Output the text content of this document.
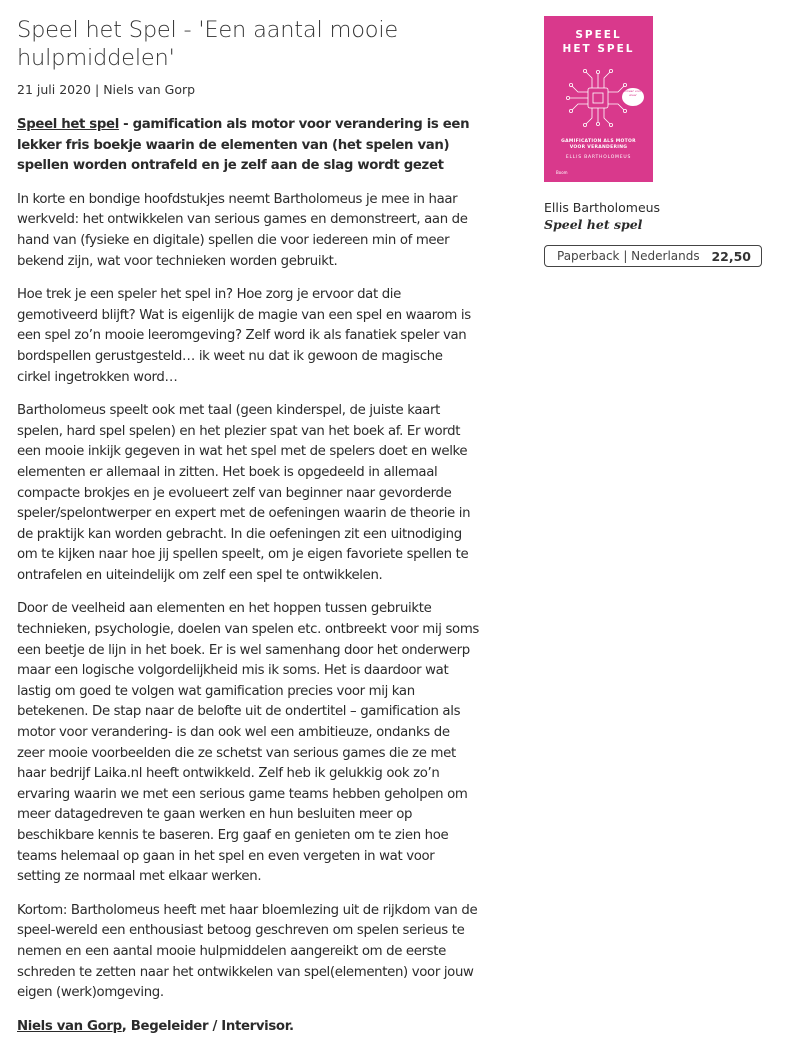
Speel het Spel - 'Een aantal mooie hulpmiddelen'
21 juli 2020 | Niels van Gorp

Speel het spel - gamification als motor voor verandering is een lekker fris boekje waarin de elementen van (het spelen van) spellen worden ontrafeld en je zelf aan de slag wordt gezet

In korte en bondige hoofdstukjes neemt Bartholomeus je mee in haar werkveld: het ontwikkelen van serious games en demonstreert, aan de hand van (fysieke en digitale) spellen die voor iedereen min of meer bekend zijn, wat voor technieken worden gebruikt.

Hoe trek je een speler het spel in? Hoe zorg je ervoor dat die gemotiveerd blijft? Wat is eigenlijk de magie van een spel en waarom is een spel zo’n mooie leeromgeving? Zelf word ik als fanatiek speler van bordspellen gerustgesteld… ik weet nu dat ik gewoon de magische cirkel ingetrokken word…

Bartholomeus speelt ook met taal (geen kinderspel, de juiste kaart spelen, hard spel spelen) en het plezier spat van het boek af. Er wordt een mooie inkijk gegeven in wat het spel met de spelers doet en welke elementen er allemaal in zitten. Het boek is opgedeeld in allemaal compacte brokjes en je evolueert zelf van beginner naar gevorderde speler/spelontwerper en expert met de oefeningen waarin de theorie in de praktijk kan worden gebracht. In die oefeningen zit een uitnodiging om te kijken naar hoe jij spellen speelt, om je eigen favoriete spellen te ontrafelen en uiteindelijk om zelf een spel te ontwikkelen.

Door de veelheid aan elementen en het hoppen tussen gebruikte technieken, psychologie, doelen van spelen etc. ontbreekt voor mij soms een beetje de lijn in het boek. Er is wel samenhang door het onderwerp maar een logische volgordelijkheid mis ik soms. Het is daardoor wat lastig om goed te volgen wat gamification precies voor mij kan betekenen. De stap naar de belofte uit de ondertitel – gamification als motor voor verandering- is dan ook wel een ambitieuze, ondanks de zeer mooie voorbeelden die ze schetst van serious games die ze met haar bedrijf Laika.nl heeft ontwikkeld. Zelf heb ik gelukkig ook zo’n ervaring waarin we met een serious game teams hebben geholpen om meer datagedreven te gaan werken en hun besluiten meer op beschikbare kennis te baseren. Erg gaaf en genieten om te zien hoe teams helemaal op gaan in het spel en even vergeten in wat voor setting ze normaal met elkaar werken.

Kortom: Bartholomeus heeft met haar bloemlezing uit de rijkdom van de speel-wereld een enthousiast betoog geschreven om spelen serieus te nemen en een aantal mooie hulpmiddelen aangereikt om de eerste schreden te zetten naar het ontwikkelen van spel(elementen) voor jouw eigen (werk)omgeving.

Niels van Gorp, Begeleider / Intervisor.

SPEEL
HET SPEL
inkeer voor elaar
GAMIFICATION ALS MOTOR
VOOR VERANDERING
ELLIS BARTHOLOMEUS
Boom
Ellis Bartholomeus
Speel het spel
Paperback | Nederlands 22,50
